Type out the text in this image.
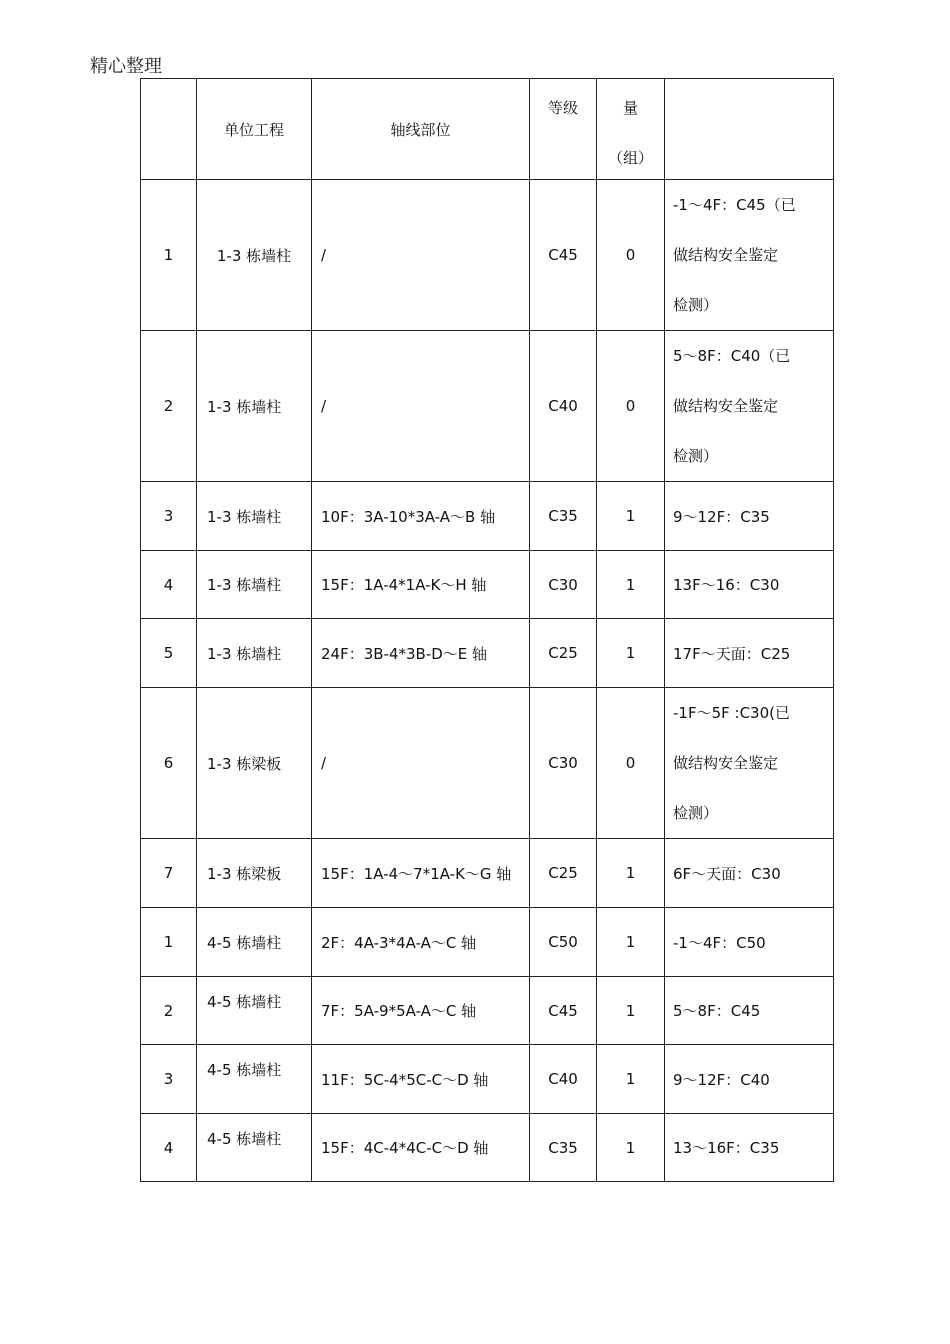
精心整理
	单位工程	轴线部位	等级	量
（组）	

1	1-3 栋墙柱	/	C45	0	-1～4F：C45（已
做结构安全鉴定
检测）

2	1-3 栋墙柱	/	C40	0	5～8F：C40（已
做结构安全鉴定
检测）

3	1-3 栋墙柱	10F：3A-10*3A-A～B 轴	C35	1	9～12F：C35

4	1-3 栋墙柱	15F：1A-4*1A-K～H 轴	C30	1	13F～16：C30

5	1-3 栋墙柱	24F：3B-4*3B-D～E 轴	C25	1	17F～天面：C25

6	1-3 栋梁板	/	C30	0	-1F～5F :C30(已
做结构安全鉴定
检测）

7	1-3 栋梁板	15F：1A-4～7*1A-K～G 轴	C25	1	6F～天面：C30

1	4-5 栋墙柱	2F：4A-3*4A-A～C 轴	C50	1	-1～4F：C50

2	4-5 栋墙柱	7F：5A-9*5A-A～C 轴	C45	1	5～8F：C45

3	4-5 栋墙柱	11F：5C-4*5C-C～D 轴	C40	1	9～12F：C40

4	4-5 栋墙柱	15F：4C-4*4C-C～D 轴	C35	1	13～16F：C35
